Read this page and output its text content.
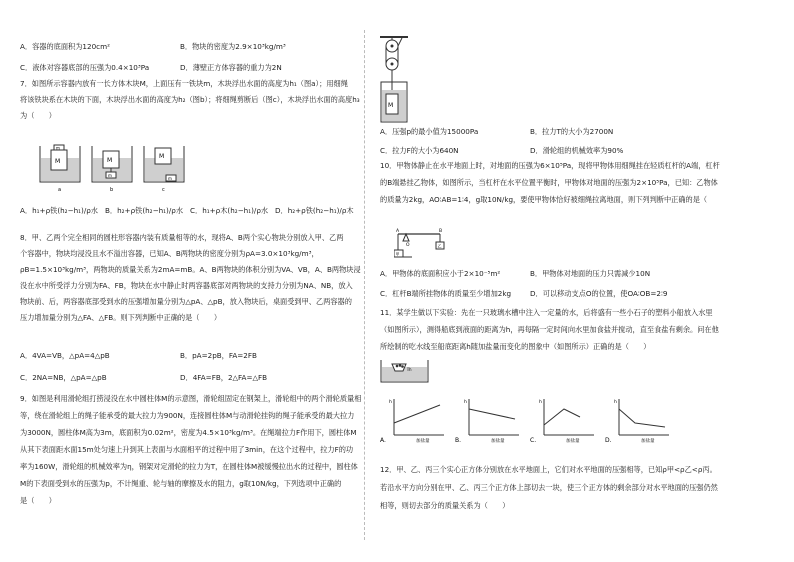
A．容器的底面积为120cm²	B．物块的密度为2.9×10³kg/m³

C．液体对容器底部的压强为0.4×10³Pa	D．薄壁正方体容器的重力为2N

7．如图所示容器内放有一长方体木块M，上面压有一铁块m，木块浮出水面的高度为h₁（图a）；用细绳

将该铁块系在木块的下面，木块浮出水面的高度为h₂（图b）；将细绳剪断后（图c），木块浮出水面的高度h₃

为（　　）

M
m
a
M
m
b
M
m
c

A．h₁+ρ铁(h₂−h₁)/ρ水 B．h₂+ρ铁(h₂−h₁)/ρ水 C．h₁+ρ木(h₂−h₁)/ρ水 D．h₂+ρ铁(h₂−h₁)/ρ木

8．甲、乙两个完全相同的圆柱形容器内装有质量相等的水，现将A、B两个实心物块分别放入甲、乙两

个容器中，物块均浸没且水不溢出容器，已知A、B两物块的密度分别为ρA=3.0×10³kg/m³，

ρB=1.5×10³kg/m³，两物块的质量关系为2mA=mB。A、B两物块的体积分别为VA、VB，A、B两物块浸

没在水中所受浮力分别为FA、FB，物块在水中静止时两容器底部对两物块的支持力分别为NA、NB，放入

物块前、后，两容器底部受到水的压强增加量分别为△pA、△pB，放入物块后，桌面受到甲、乙两容器的

压力增加量分别为△FA、△FB。则下列判断中正确的是（　　）

A．4VA=VB，△pA=4△pB	B．pA=2pB，FA=2FB

C．2NA=NB，△pA=△pB	D．4FA=FB，2△FA=△FB

9．如图是利用滑轮组打捞浸没在水中圆柱体M的示意图，滑轮组固定在钢架上，滑轮组中的两个滑轮质量相

等，绕在滑轮组上的绳子能承受的最大拉力为900N，连接圆柱体M与动滑轮挂钩的绳子能承受的最大拉力

为3000N，圆柱体M高为3m，底面积为0.02m²，密度为4.5×10³kg/m³。在绳端拉力F作用下，圆柱体M

从其下表面距水面15m处匀速上升到其上表面与水面相平的过程中用了3min，在这个过程中，拉力F的功

率为160W，滑轮组的机械效率为η，钢架对定滑轮的拉力为T，在圆柱体M被缓慢拉出水的过程中，圆柱体

M的下表面受到水的压强为p，不计绳重、轮与轴的摩擦及水的阻力，g取10N/kg，下列选项中正确的

是（　　）

M

A．压强p的最小值为15000Pa	B．拉力T的大小为2700N

C．拉力F的大小为640N	D．滑轮组的机械效率为90%

10．甲物体静止在水平地面上时，对地面的压强为6×10⁵Pa，现将甲物体用细绳挂在轻质杠杆的A端，杠杆

的B端悬挂乙物体，如图所示，当杠杆在水平位置平衡时，甲物体对地面的压强为2×10⁵Pa，已知：乙物体

的质量为2kg，AO∶AB=1∶4，g取10N/kg，要使甲物体恰好被细绳拉离地面，则下列判断中正确的是（

A
O
B
甲
乙

A．甲物体的底面积应小于2×10⁻⁵m²	B．甲物体对地面的压力只需减少10N

C．杠杆B端所挂物体的质量至少增加2kg	D．可以移动支点O的位置，使OA∶OB=2∶9

11．某学生做以下实验：先在一只玻璃水槽中注入一定量的水，后将盛有一些小石子的塑料小船放入水里

（如图所示），测得船底到液面的距离为h，再每隔一定时间向水里加食盐并搅动，直至食盐有剩余。问在他

所绘制的吃水线至船底距离h随加盐量而变化的图象中（如图所示）正确的是（　　）

h
h
加盐量
A.
h
加盐量
B.
h
加盐量
C.
h
加盐量
D.

12．甲、乙、丙三个实心正方体分别放在水平地面上，它们对水平地面的压强相等，已知ρ甲<ρ乙<ρ丙。

若沿水平方向分别在甲、乙、丙三个正方体上部切去一块，使三个正方体的剩余部分对水平地面的压强仍然

相等，则切去部分的质量关系为（　　）
